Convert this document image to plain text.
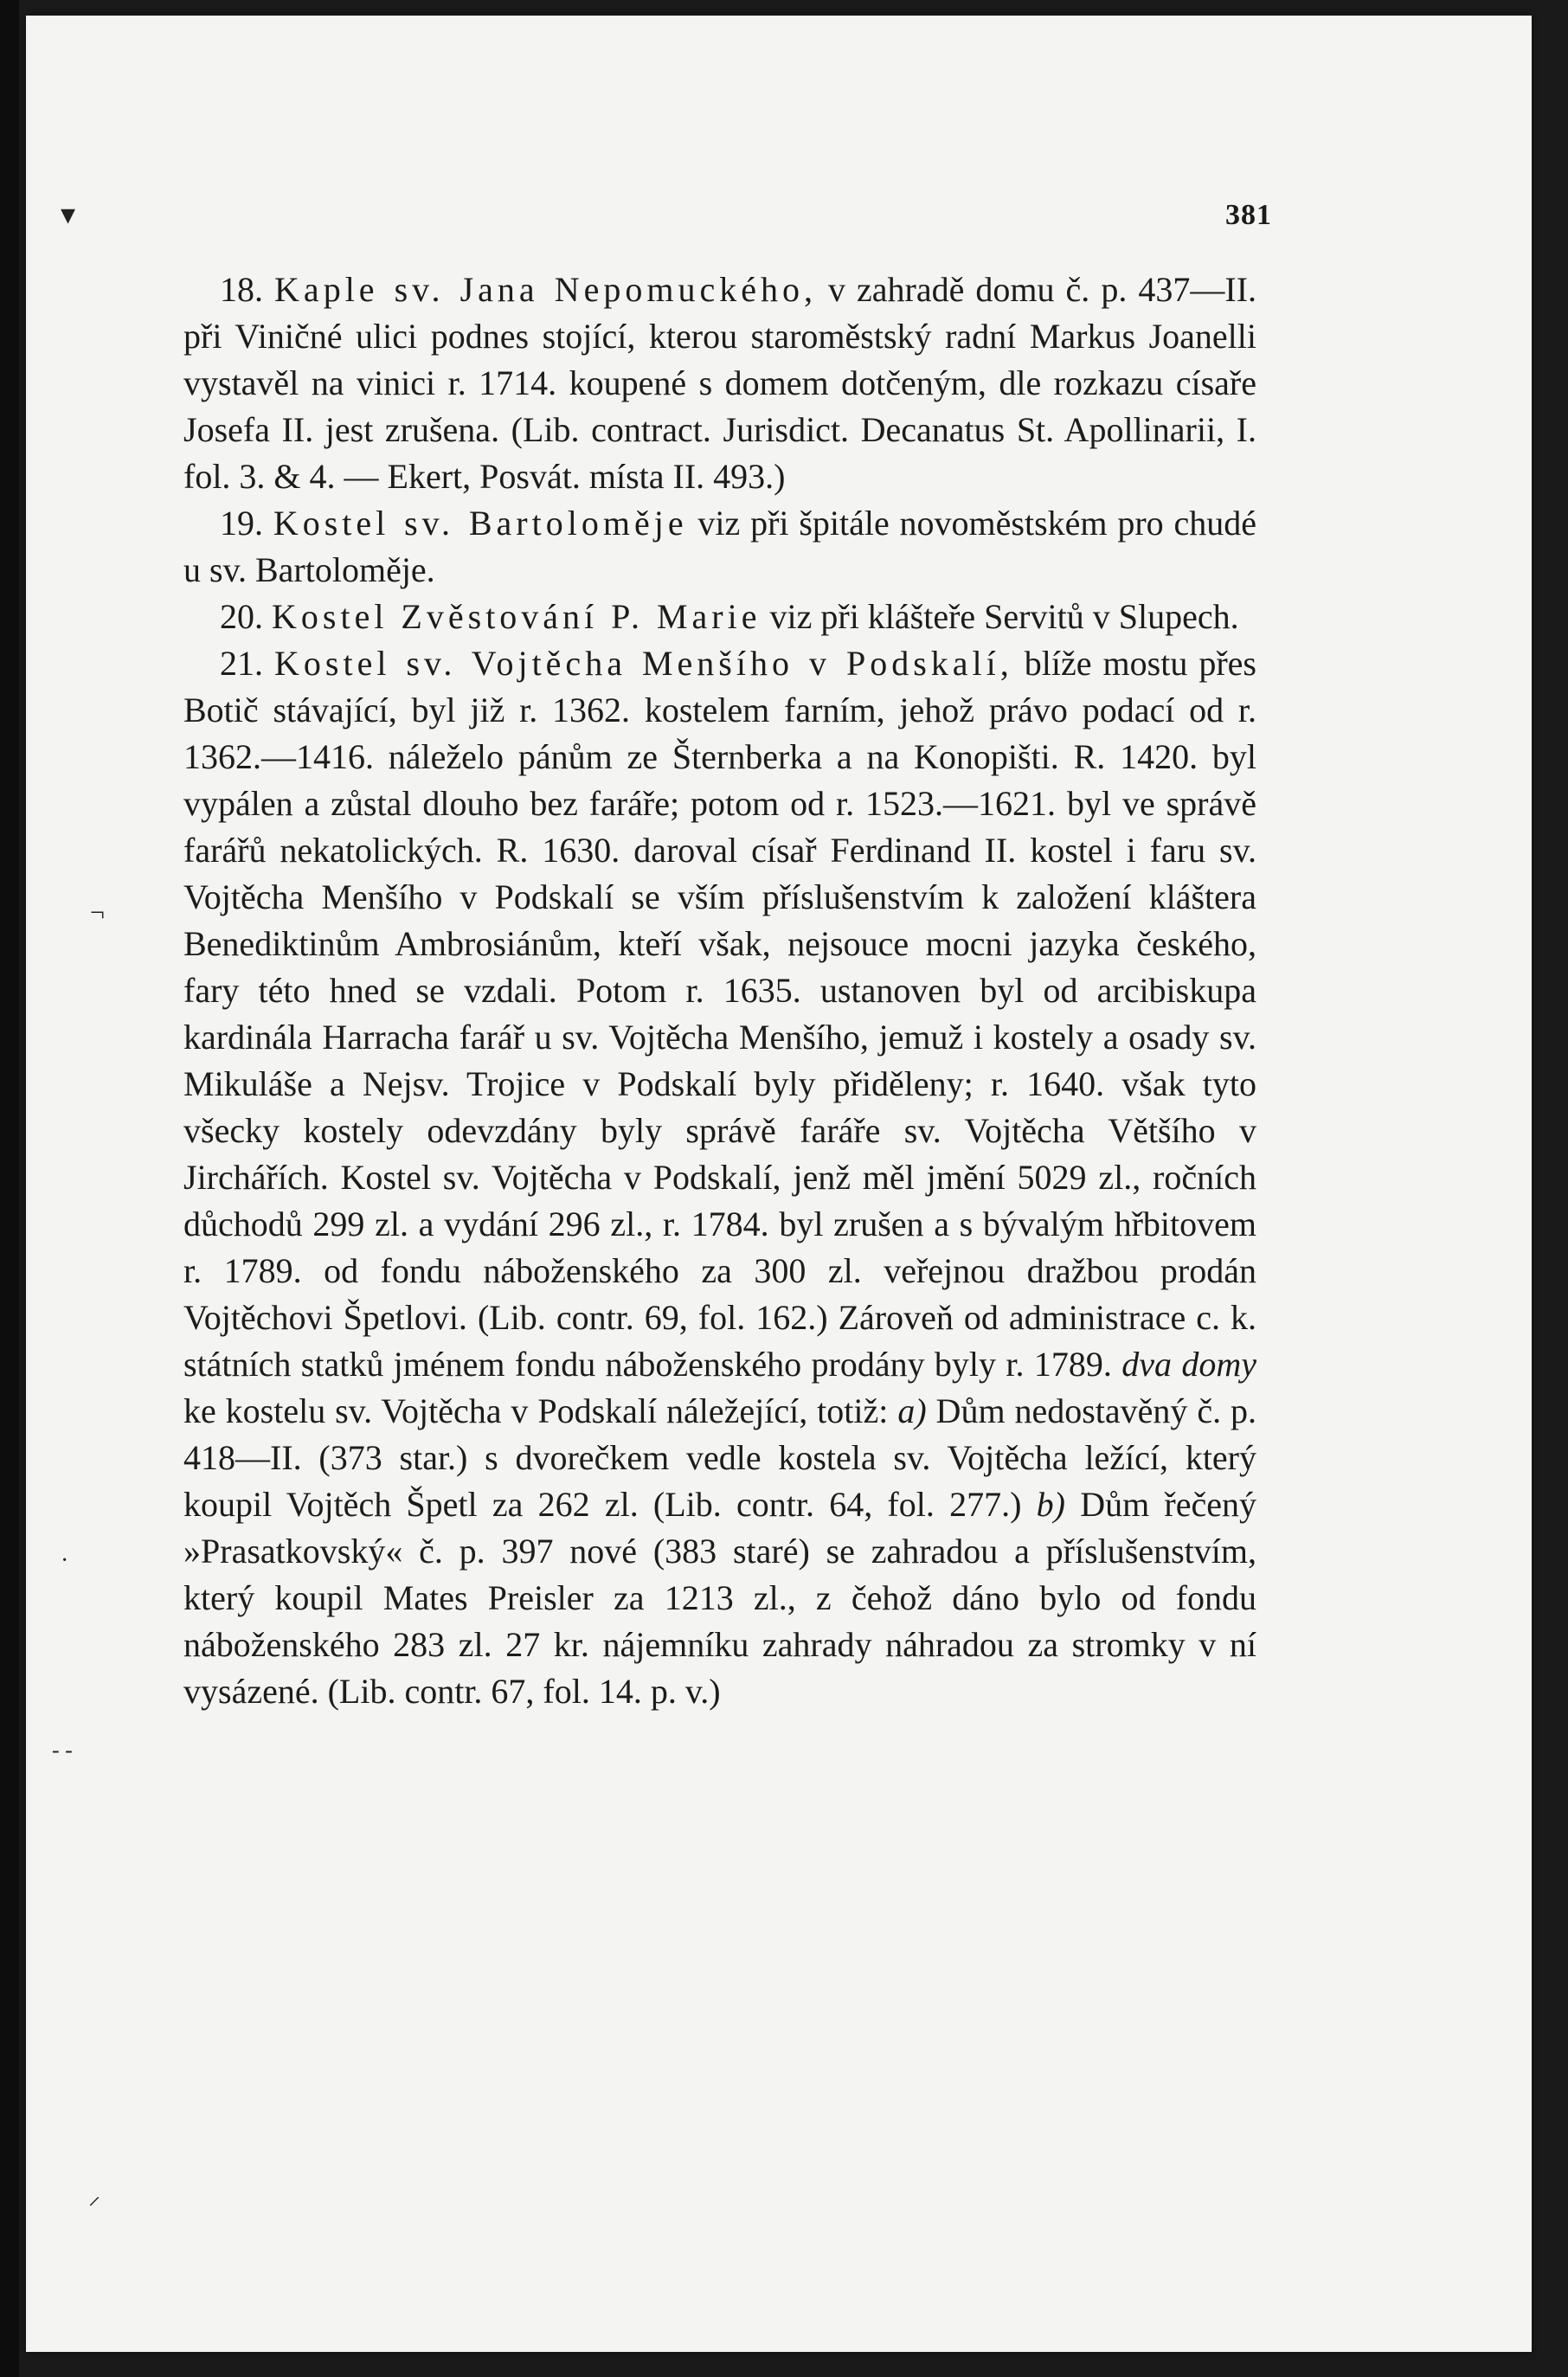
▾
¬
·
- -
⸝
381

18. Kaple sv. Jana Nepomuckého, v zahradě domu č. p. 437—II. při Viničné ulici podnes stojící, kterou staroměstský radní Markus Joanelli vystavěl na vinici r. 1714. koupené s domem dotčeným, dle rozkazu císaře Josefa II. jest zrušena. (Lib. contract. Jurisdict. Decanatus St. Apollinarii, I. fol. 3. & 4. — Ekert, Posvát. místa II. 493.)

19. Kostel sv. Bartoloměje viz při špitále novoměstském pro chudé u sv. Bartoloměje.

20. Kostel Zvěstování P. Marie viz při klášteře Servitů v Slupech.

21. Kostel sv. Vojtěcha Menšího v Podskalí, blíže mostu přes Botič stávající, byl již r. 1362. kostelem farním, jehož právo podací od r. 1362.—1416. náleželo pánům ze Šternberka a na Konopišti. R. 1420. byl vypálen a zůstal dlouho bez faráře; potom od r. 1523.—1621. byl ve správě farářů nekatolických. R. 1630. daroval císař Ferdinand II. kostel i faru sv. Vojtěcha Menšího v Podskalí se vším příslušenstvím k založení kláštera Benediktinům Ambrosiánům, kteří však, nejsouce mocni jazyka českého, fary této hned se vzdali. Potom r. 1635. ustanoven byl od arcibiskupa kardinála Harracha farář u sv. Vojtěcha Menšího, jemuž i kostely a osady sv. Mikuláše a Nejsv. Trojice v Podskalí byly přiděleny; r. 1640. však tyto všecky kostely odevzdány byly správě faráře sv. Vojtěcha Většího v Jirchářích. Kostel sv. Vojtěcha v Podskalí, jenž měl jmění 5029 zl., ročních důchodů 299 zl. a vydání 296 zl., r. 1784. byl zrušen a s bývalým hřbitovem r. 1789. od fondu náboženského za 300 zl. veřejnou dražbou prodán Vojtěchovi Špetlovi. (Lib. contr. 69, fol. 162.) Zároveň od administrace c. k. státních statků jménem fondu náboženského prodány byly r. 1789. dva domy ke kostelu sv. Vojtěcha v Podskalí náležející, totiž: a) Dům nedostavěný č. p. 418—II. (373 star.) s dvorečkem vedle kostela sv. Vojtěcha ležící, který koupil Vojtěch Špetl za 262 zl. (Lib. contr. 64, fol. 277.) b) Dům řečený »Prasatkovský« č. p. 397 nové (383 staré) se zahradou a příslušenstvím, který koupil Mates Preisler za 1213 zl., z čehož dáno bylo od fondu náboženského 283 zl. 27 kr. nájemníku zahrady náhradou za stromky v ní vysázené. (Lib. contr. 67, fol. 14. p. v.)
